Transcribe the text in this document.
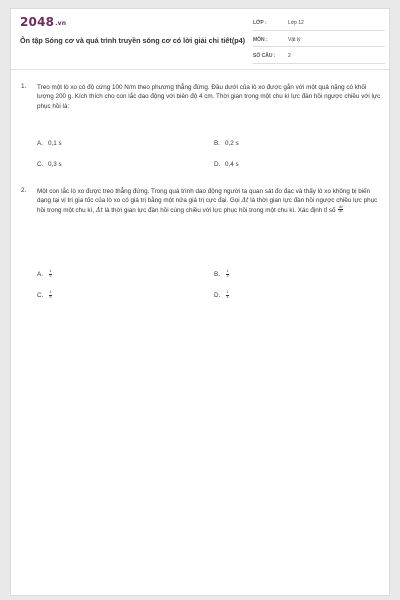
2048.vn
Ôn tập Sóng cơ và quá trình truyền sóng cơ có lời giải chi tiết(p4)
LỚP :	Lớp 12
MÔN :	Vật lý
SỐ CÂU :	2
1. Treo một lò xo có độ cứng 100 N/m theo phương thẳng đứng. Đầu dưới của lò xo được gắn với một quả nặng có khối lượng 200 g. Kích thích cho con lắc dao động với biên độ 4 cm. Thời gian trong một chu kì lực đàn hồi ngược chiều với lực phục hồi là:
A. 0,1 s	B. 0,2 s
C. 0,3 s	D. 0,4 s
2. Một con lắc lò xo được treo thẳng đứng. Trong quá trình dao động người ta quan sát đo đạc và thấy lò xo không bị biến dạng tại vị trí gia tốc của lò xo có giá trị bằng một nửa giá trị cực đại. Gọi Δt là thời gian lực đàn hồi ngược chiều lực phục hồi trong một chu kì, Δt là thời gian lực đàn hồi cùng chiều với lực phục hồi trong một chu kì. Xác định tỉ số $\frac{\Delta t}{\Delta t}$
A. $\frac{1}{2}$	B. $\frac{1}{3}$
C. $\frac{1}{5}$	D. $\frac{1}{4}$
